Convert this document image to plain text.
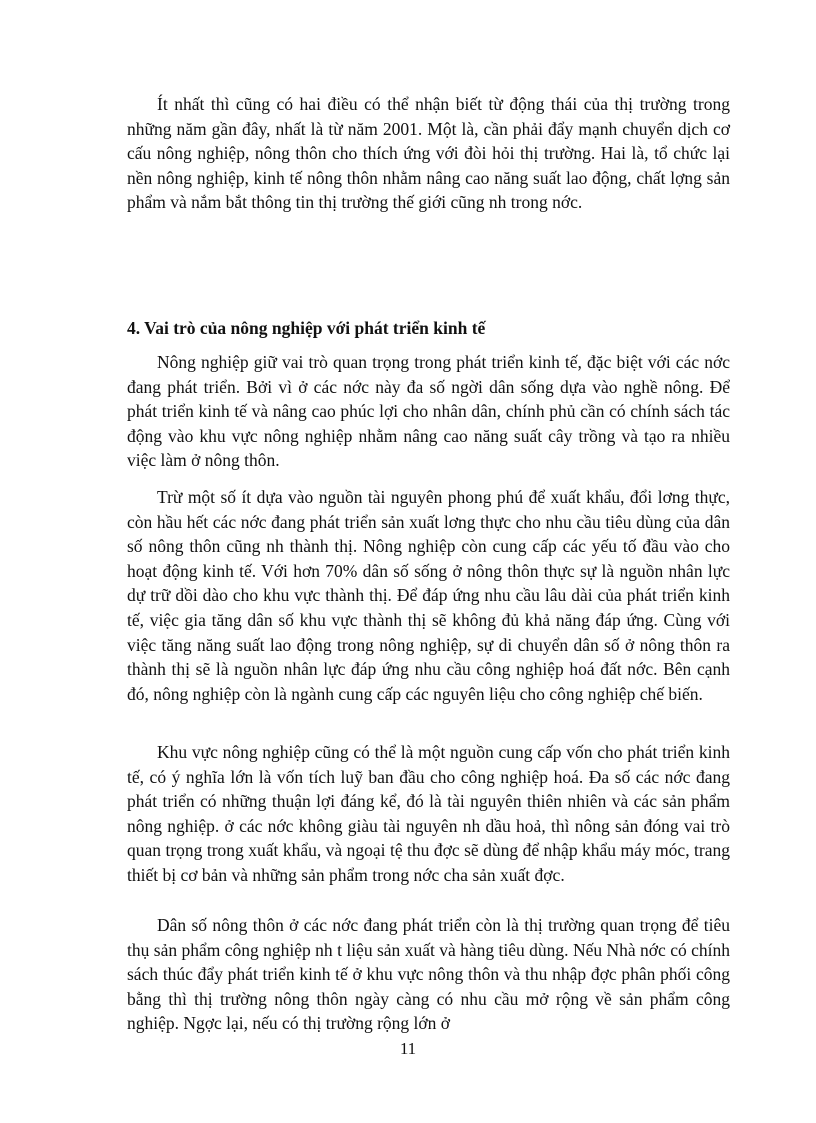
Ít nhất thì cũng có hai điều có thể nhận biết từ động thái của thị trường trong những năm gần đây, nhất là từ năm 2001. Một là, cần phải đẩy mạnh chuyển dịch cơ cấu nông nghiệp, nông thôn cho thích ứng với đòi hỏi thị trường. Hai là, tổ chức lại nền nông nghiệp, kinh tế nông thôn nhằm nâng cao năng suất lao động, chất lợng sản phẩm và nắm bắt thông tin thị trường thế giới cũng nh trong nớc.

4. Vai trò của nông nghiệp với phát triển kinh tế

Nông nghiệp giữ vai trò quan trọng trong phát triển kinh tế, đặc biệt với các nớc đang phát triển. Bởi vì ở các nớc này đa số ngời dân sống dựa vào nghề nông. Để phát triển kinh tế và nâng cao phúc lợi cho nhân dân, chính phủ cần có chính sách tác động vào khu vực nông nghiệp nhằm nâng cao năng suất cây trồng và tạo ra nhiều việc làm ở nông thôn.

Trừ một số ít dựa vào nguồn tài nguyên phong phú để xuất khẩu, đổi lơng thực, còn hầu hết các nớc đang phát triển sản xuất lơng thực cho nhu cầu tiêu dùng của dân số nông thôn cũng nh thành thị. Nông nghiệp còn cung cấp các yếu tố đầu vào cho hoạt động kinh tế. Với hơn 70% dân số sống ở nông thôn thực sự là nguồn nhân lực dự trữ dồi dào cho khu vực thành thị. Để đáp ứng nhu cầu lâu dài của phát triển kinh tế, việc gia tăng dân số khu vực thành thị sẽ không đủ khả năng đáp ứng. Cùng với việc tăng năng suất lao động trong nông nghiệp, sự di chuyển dân số ở nông thôn ra thành thị sẽ là nguồn nhân lực đáp ứng nhu cầu công nghiệp hoá đất nớc. Bên cạnh đó, nông nghiệp còn là ngành cung cấp các nguyên liệu cho công nghiệp chế biến.

Khu vực nông nghiệp cũng có thể là một nguồn cung cấp vốn cho phát triển kinh tế, có ý nghĩa lớn là vốn tích luỹ ban đầu cho công nghiệp hoá. Đa số các nớc đang phát triển có những thuận lợi đáng kể, đó là tài nguyên thiên nhiên và các sản phẩm nông nghiệp. ở các nớc không giàu tài nguyên nh dầu hoả, thì nông sản đóng vai trò quan trọng trong xuất khẩu, và ngoại tệ thu đợc sẽ dùng để nhập khẩu máy móc, trang thiết bị cơ bản và những sản phẩm trong nớc cha sản xuất đợc.

Dân số nông thôn ở các nớc đang phát triển còn là thị trường quan trọng để tiêu thụ sản phẩm công nghiệp nh t liệu sản xuất và hàng tiêu dùng. Nếu Nhà nớc có chính sách thúc đẩy phát triển kinh tế ở khu vực nông thôn và thu nhập đợc phân phối công bằng thì thị trường nông thôn ngày càng có nhu cầu mở rộng về sản phẩm công nghiệp. Ngợc lại, nếu có thị trường rộng lớn ở

11
